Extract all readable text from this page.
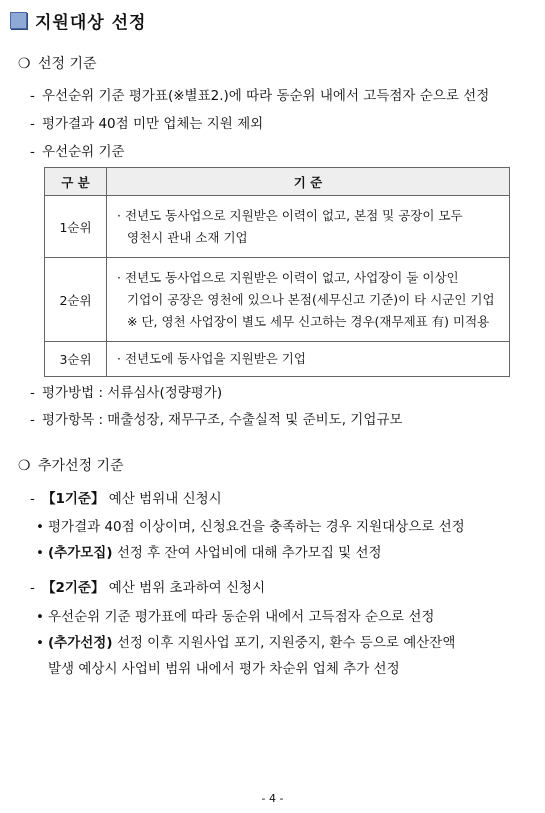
지원대상 선정
❍ 선정 기준
- 우선순위 기준 평가표(※별표2.)에 따라 동순위 내에서 고득점자 순으로 선정
- 평가결과 40점 미만 업체는 지원 제외
- 우선순위 기준
구 분	기 준
1순위	· 전년도 동사업으로 지원받은 이력이 없고, 본점 및 공장이 모두
영천시 관내 소재 기업

2순위	· 전년도 동사업으로 지원받은 이력이 없고, 사업장이 둘 이상인
기업이 공장은 영천에 있으나 본점(세무신고 기준)이 타 시군인 기업
※ 단, 영천 사업장이 별도 세무 신고하는 경우(재무제표 有) 미적용

3순위	· 전년도에 동사업을 지원받은 기업
- 평가방법 : 서류심사(정량평가)
- 평가항목 : 매출성장, 재무구조, 수출실적 및 준비도, 기업규모
❍ 추가선정 기준
- 【1기준】 예산 범위내 신청시
• 평가결과 40점 이상이며, 신청요건을 충족하는 경우 지원대상으로 선정
• (추가모집) 선정 후 잔여 사업비에 대해 추가모집 및 선정
- 【2기준】 예산 범위 초과하여 신청시
• 우선순위 기준 평가표에 따라 동순위 내에서 고득점자 순으로 선정
• (추가선정) 선정 이후 지원사업 포기, 지원중지, 환수 등으로 예산잔액
발생 예상시 사업비 범위 내에서 평가 차순위 업체 추가 선정
- 4 -
